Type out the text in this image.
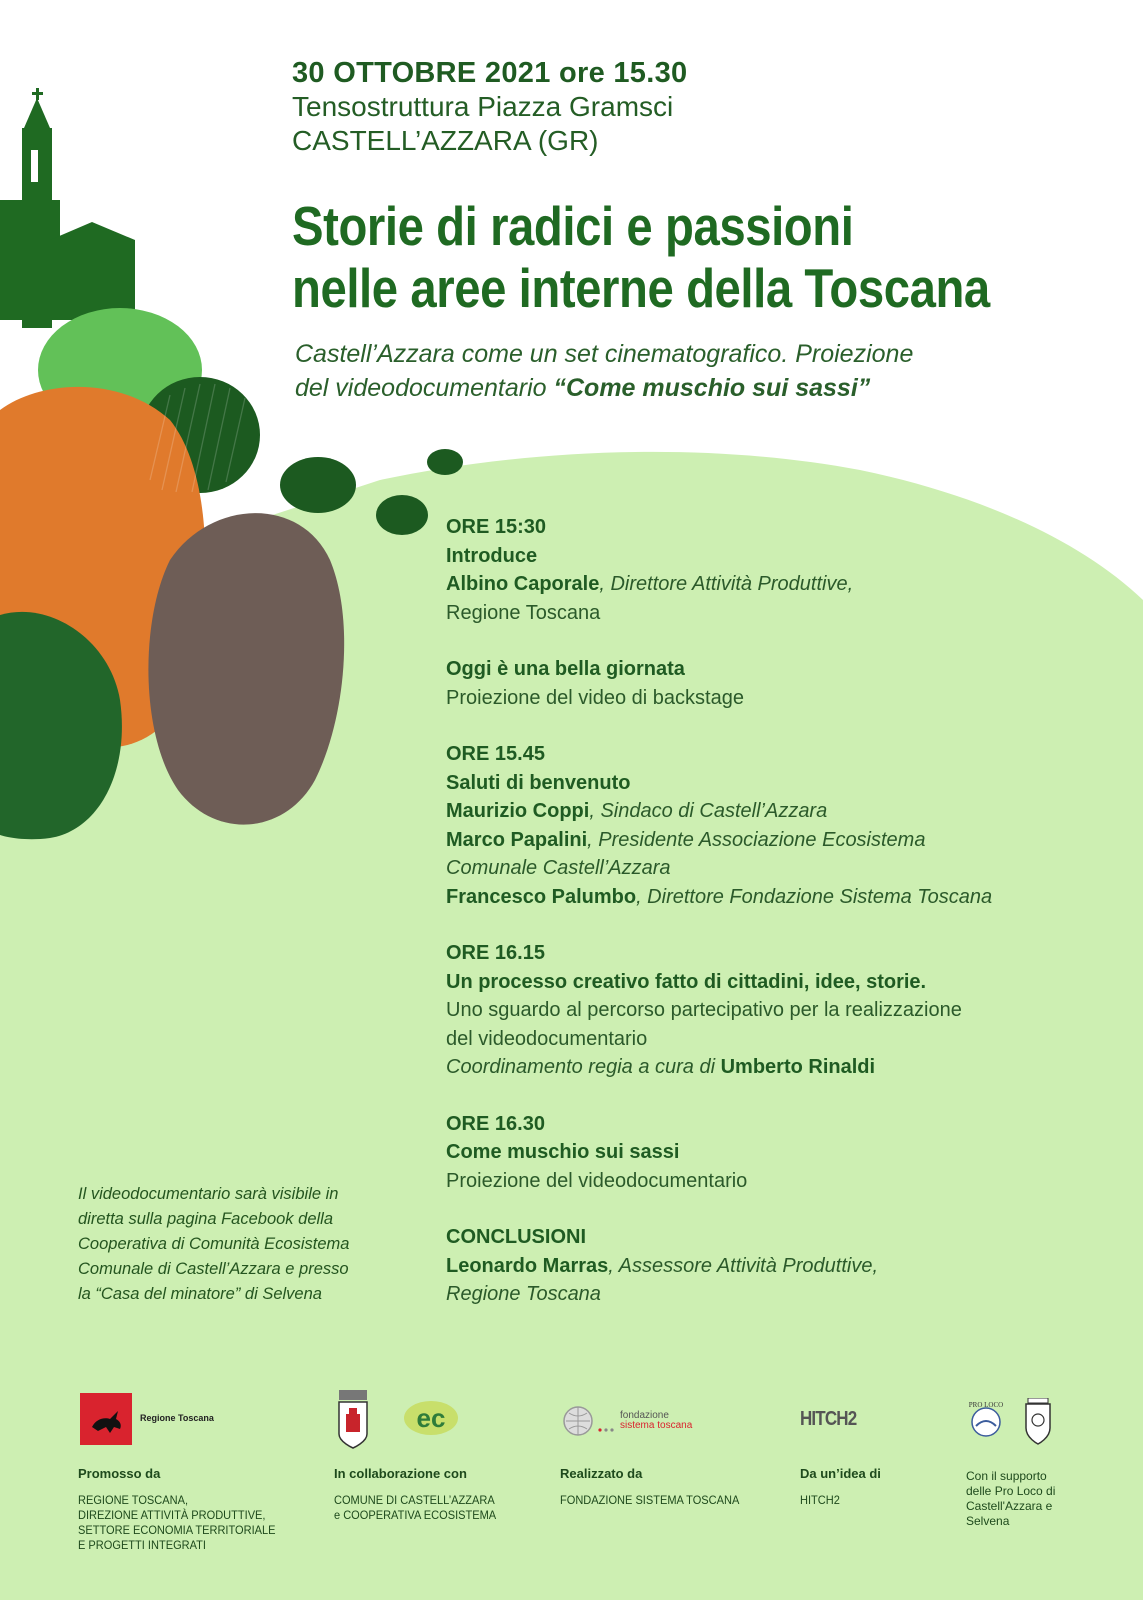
30 OTTOBRE 2021 ore 15.30
Tensostruttura Piazza Gramsci
CASTELL’AZZARA (GR)
Storie di radici e passioni
nelle aree interne della Toscana
Castell’Azzara come un set cinematografico. Proiezione
del videodocumentario “Come muschio sui sassi”
ORE 15:30
Introduce
Albino Caporale, Direttore Attività Produttive,
Regione Toscana
Oggi è una bella giornata
Proiezione del video di backstage
ORE 15.45
Saluti di benvenuto
Maurizio Coppi, Sindaco di Castell’Azzara
Marco Papalini, Presidente Associazione Ecosistema
Comunale Castell’Azzara
Francesco Palumbo, Direttore Fondazione Sistema Toscana
ORE 16.15
Un processo creativo fatto di cittadini, idee, storie.
Uno sguardo al percorso partecipativo per la realizzazione
del videodocumentario
Coordinamento regia a cura di Umberto Rinaldi
ORE 16.30
Come muschio sui sassi
Proiezione del videodocumentario
CONCLUSIONI
Leonardo Marras, Assessore Attività Produttive,
Regione Toscana
Il videodocumentario sarà visibile in
diretta sulla pagina Facebook della
Cooperativa di Comunità Ecosistema
Comunale di Castell’Azzara e presso
la “Casa del minatore” di Selvena
Regione Toscana	ec	fondazione
sistema toscana	HITCH2
PRO LOCO
Promosso da
REGIONE TOSCANA,
DIREZIONE ATTIVITÀ PRODUTTIVE,
SETTORE ECONOMIA TERRITORIALE
E PROGETTI INTEGRATI
In collaborazione con
COMUNE DI CASTELL’AZZARA
e COOPERATIVA ECOSISTEMA
Realizzato da
FONDAZIONE SISTEMA TOSCANA
Da un’idea di
HITCH2
Con il supporto
delle Pro Loco di
Castell'Azzara e
Selvena
